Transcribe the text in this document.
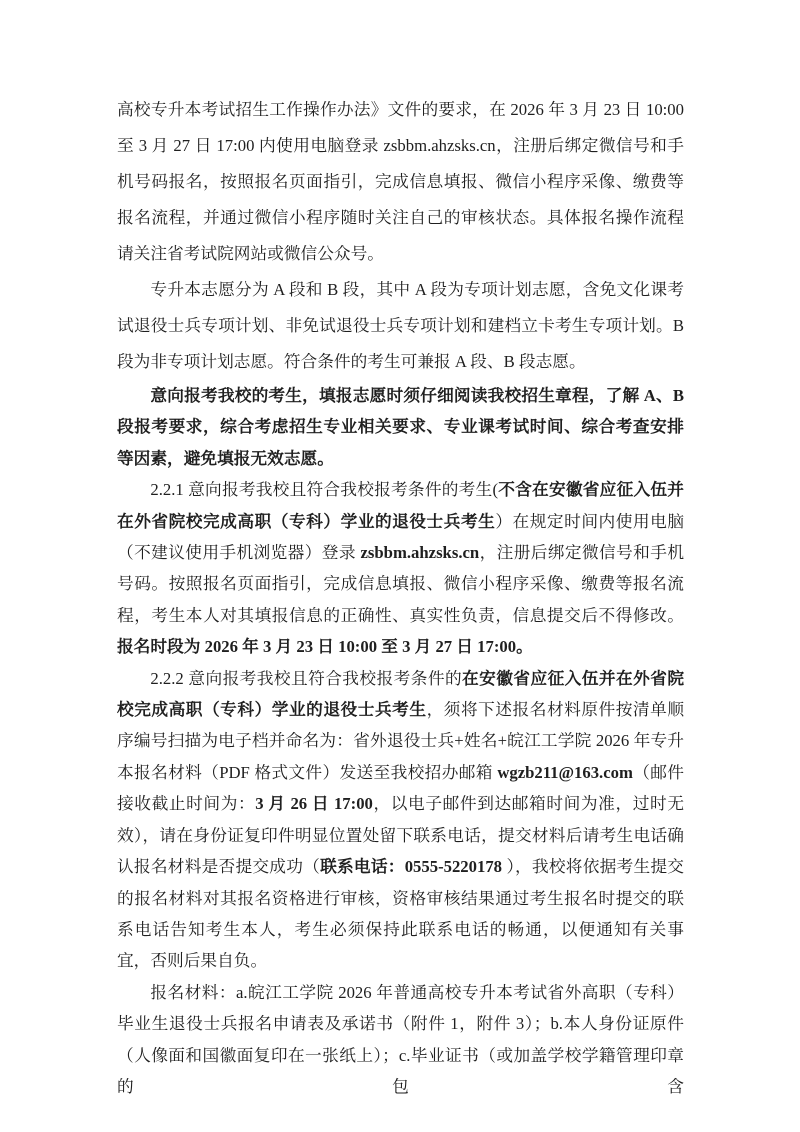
高校专升本考试招生工作操作办法》文件的要求，在 2026 年 3 月 23 日 10:00 至 3 月 27 日 17:00 内使用电脑登录 zsbbm.ahzsks.cn，注册后绑定微信号和手机号码报名，按照报名页面指引，完成信息填报、微信小程序采像、缴费等报名流程，并通过微信小程序随时关注自己的审核状态。具体报名操作流程请关注省考试院网站或微信公众号。

专升本志愿分为 A 段和 B 段，其中 A 段为专项计划志愿，含免文化课考试退役士兵专项计划、非免试退役士兵专项计划和建档立卡考生专项计划。B 段为非专项计划志愿。符合条件的考生可兼报 A 段、B 段志愿。

意向报考我校的考生，填报志愿时须仔细阅读我校招生章程，了解 A、B 段报考要求，综合考虑招生专业相关要求、专业课考试时间、综合考查安排等因素，避免填报无效志愿。

2.2.1 意向报考我校且符合我校报考条件的考生(不含在安徽省应征入伍并在外省院校完成高职（专科）学业的退役士兵考生）在规定时间内使用电脑（不建议使用手机浏览器）登录 zsbbm.ahzsks.cn，注册后绑定微信号和手机号码。按照报名页面指引，完成信息填报、微信小程序采像、缴费等报名流程，考生本人对其填报信息的正确性、真实性负责，信息提交后不得修改。报名时段为 2026 年 3 月 23 日 10:00 至 3 月 27 日 17:00。

2.2.2 意向报考我校且符合我校报考条件的在安徽省应征入伍并在外省院校完成高职（专科）学业的退役士兵考生，须将下述报名材料原件按清单顺序编号扫描为电子档并命名为：省外退役士兵+姓名+皖江工学院 2026 年专升本报名材料（PDF 格式文件）发送至我校招办邮箱 wgzb211@163.com（邮件接收截止时间为：3 月 26 日 17:00，以电子邮件到达邮箱时间为准，过时无效），请在身份证复印件明显位置处留下联系电话，提交材料后请考生电话确认报名材料是否提交成功（联系电话：0555-5220178 ），我校将依据考生提交的报名材料对其报名资格进行审核，资格审核结果通过考生报名时提交的联系电话告知考生本人，考生必须保持此联系电话的畅通，以便通知有关事宜，否则后果自负。

报名材料：a.皖江工学院 2026 年普通高校专升本考试省外高职（专科）毕业生退役士兵报名申请表及承诺书（附件 1，附件 3）；b.本人身份证原件（人像面和国徽面复印在一张纸上）；c.毕业证书（或加盖学校学籍管理印章的包含
